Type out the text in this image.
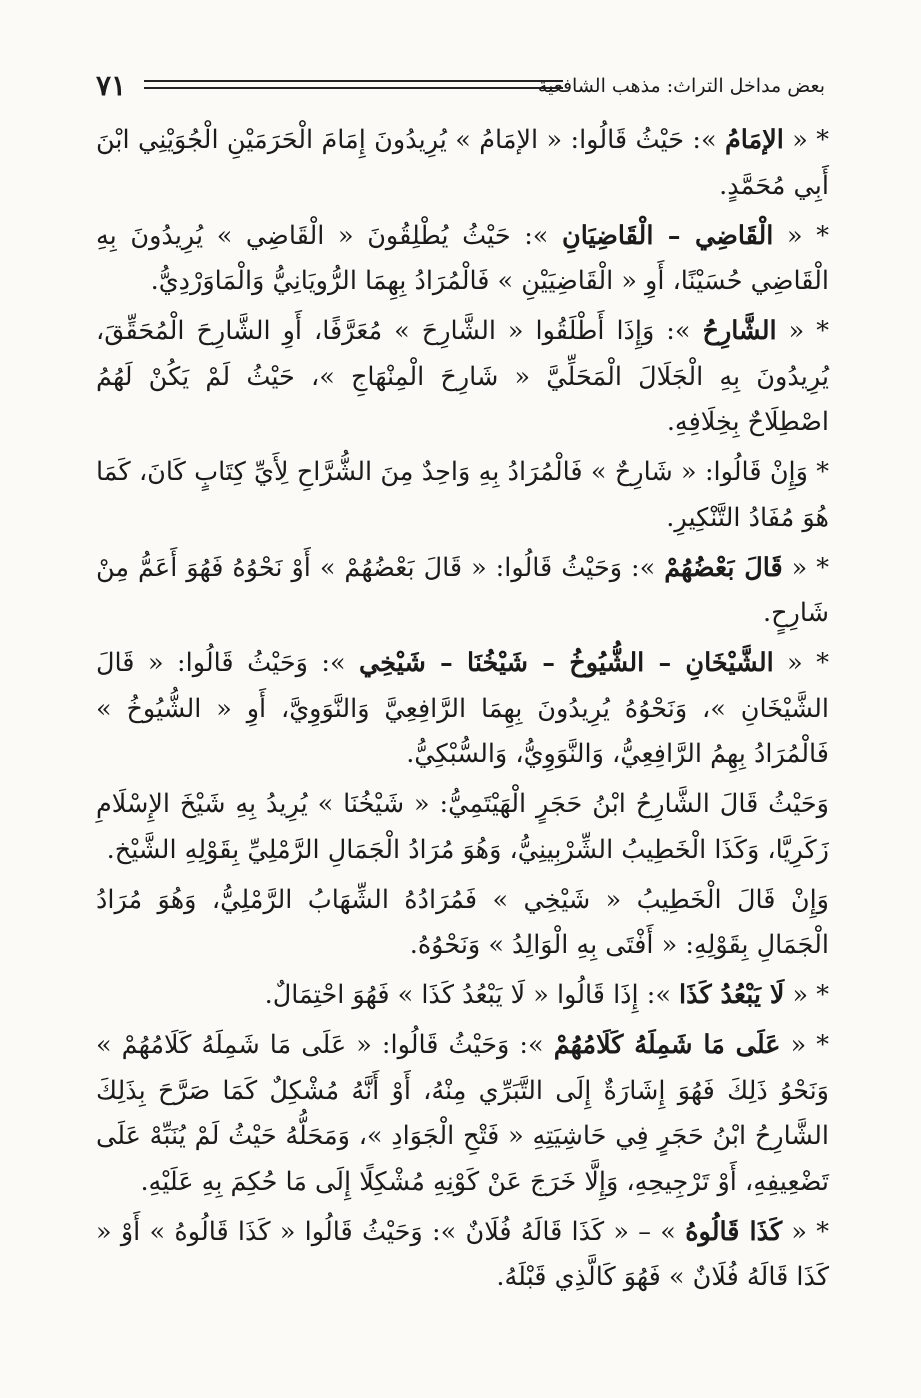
٧١	بعض مداخل التراث: مذهب الشافعية

* « الإمَامُ »: حَيْثُ قَالُوا: « الإمَامُ » يُرِيدُونَ إِمَامَ الْحَرَمَيْنِ الْجُوَيْنِي ابْنَ أَبِي مُحَمَّدٍ.

* « الْقَاضِي – الْقَاضِيَانِ »: حَيْثُ يُطْلِقُونَ « الْقَاضِي » يُرِيدُونَ بِهِ الْقَاضِي حُسَيْنًا، أَوِ « الْقَاضِيَيْنِ » فَالْمُرَادُ بِهِمَا الرُّويَانِيُّ وَالْمَاوَرْدِيُّ.

* « الشَّارِحُ »: وَإِذَا أَطْلَقُوا « الشَّارِحَ » مُعَرَّفًا، أَوِ الشَّارِحَ الْمُحَقِّقَ، يُرِيدُونَ بِهِ الْجَلَالَ الْمَحَلِّيَّ « شَارِحَ الْمِنْهَاجِ »، حَيْثُ لَمْ يَكُنْ لَهُمُ اصْطِلَاحٌ بِخِلَافِهِ.

* وَإِنْ قَالُوا: « شَارِحٌ » فَالْمُرَادُ بِهِ وَاحِدٌ مِنَ الشُّرَّاحِ لِأَيِّ كِتَابٍ كَانَ، كَمَا هُوَ مُفَادُ التَّنْكِيرِ.

* « قَالَ بَعْضُهُمْ »: وَحَيْثُ قَالُوا: « قَالَ بَعْضُهُمْ » أَوْ نَحْوُهُ فَهُوَ أَعَمُّ مِنْ شَارِحٍ.

* « الشَّيْخَانِ – الشُّيُوخُ – شَيْخُنَا – شَيْخِي »: وَحَيْثُ قَالُوا: « قَالَ الشَّيْخَانِ »، وَنَحْوُهُ يُرِيدُونَ بِهِمَا الرَّافِعِيَّ وَالنَّوَوِيَّ، أَوِ « الشُّيُوخُ » فَالْمُرَادُ بِهِمُ الرَّافِعِيُّ، وَالنَّوَوِيُّ، وَالسُّبْكِيُّ.

وَحَيْثُ قَالَ الشَّارِحُ ابْنُ حَجَرٍ الْهَيْتَمِيُّ: « شَيْخُنَا » يُرِيدُ بِهِ شَيْخَ الإِسْلَامِ زَكَرِيَّا، وَكَذَا الْخَطِيبُ الشِّرْبِينِيُّ، وَهُوَ مُرَادُ الْجَمَالِ الرَّمْلِيِّ بِقَوْلِهِ الشَّيْخ.

وَإِنْ قَالَ الْخَطِيبُ « شَيْخِي » فَمُرَادُهُ الشِّهَابُ الرَّمْلِيُّ، وَهُوَ مُرَادُ الْجَمَالِ بِقَوْلِهِ: « أَفْتَى بِهِ الْوَالِدُ » وَنَحْوُهُ.

* « لَا يَبْعُدُ كَذَا »: إِذَا قَالُوا « لَا يَبْعُدُ كَذَا » فَهُوَ احْتِمَالٌ.

* « عَلَى مَا شَمِلَهُ كَلَامُهُمْ »: وَحَيْثُ قَالُوا: « عَلَى مَا شَمِلَهُ كَلَامُهُمْ » وَنَحْوُ ذَلِكَ فَهُوَ إِشَارَةٌ إِلَى التَّبَرِّي مِنْهُ، أَوْ أَنَّهُ مُشْكِلٌ كَمَا صَرَّحَ بِذَلِكَ الشَّارِحُ ابْنُ حَجَرٍ فِي حَاشِيَتِهِ « فَتْحِ الْجَوَادِ »، وَمَحَلُّهُ حَيْثُ لَمْ يُنَبِّهْ عَلَى تَضْعِيفِهِ، أَوْ تَرْجِيحِهِ، وَإِلَّا خَرَجَ عَنْ كَوْنِهِ مُشْكِلًا إِلَى مَا حُكِمَ بِهِ عَلَيْهِ.

* « كَذَا قَالُوهُ » – « كَذَا قَالَهُ فُلَانٌ »: وَحَيْثُ قَالُوا « كَذَا قَالُوهُ » أَوْ « كَذَا قَالَهُ فُلَانٌ » فَهُوَ كَالَّذِي قَبْلَهُ.
